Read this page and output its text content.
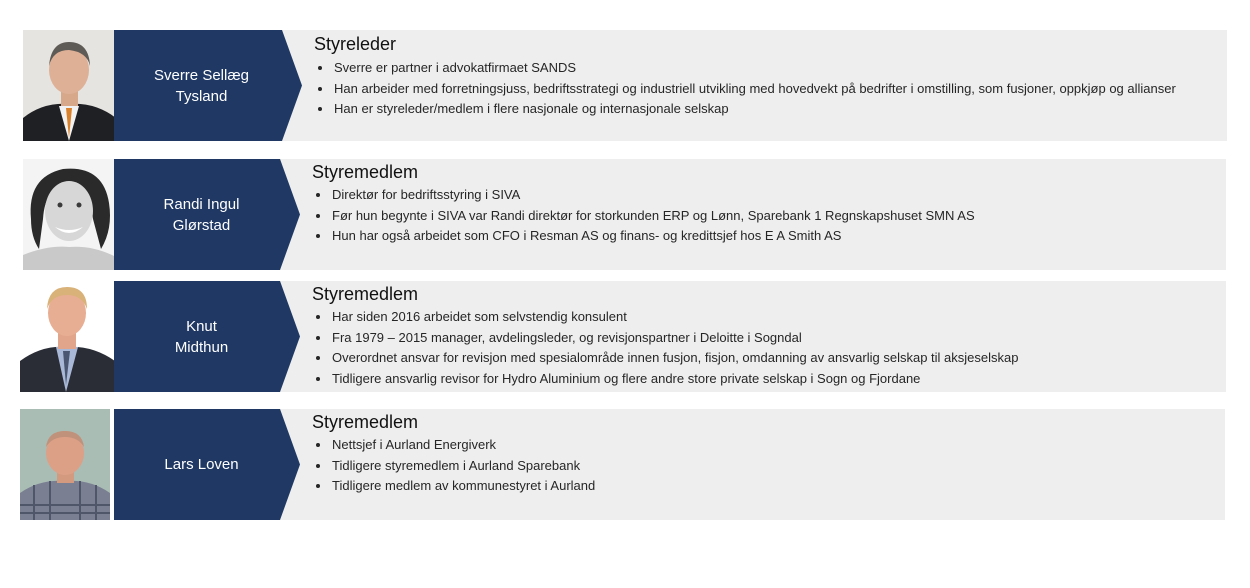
Sverre Sellæg
Tysland
Styreleder
Sverre er partner i advokatfirmaet SANDS
Han arbeider med forretningsjuss, bedriftsstrategi og industriell utvikling med hovedvekt på bedrifter i omstilling, som fusjoner, oppkjøp og allianser
Han er styreleder/medlem i flere nasjonale og internasjonale selskap
Randi Ingul
Glørstad
Styremedlem
Direktør for bedriftsstyring i SIVA
Før hun begynte i SIVA var Randi direktør for storkunden ERP og Lønn, Sparebank 1 Regnskapshuset SMN AS
Hun har også arbeidet som CFO i Resman AS og finans- og kredittsjef hos E A Smith AS
Knut
Midthun
Styremedlem
Har siden 2016 arbeidet som selvstendig konsulent
Fra 1979 – 2015 manager, avdelingsleder, og revisjonspartner i Deloitte i Sogndal
Overordnet ansvar for revisjon med spesialområde innen fusjon, fisjon, omdanning av ansvarlig selskap til aksjeselskap
Tidligere ansvarlig revisor for Hydro Aluminium og flere andre store private selskap i Sogn og Fjordane
Lars Loven
Styremedlem
Nettsjef i Aurland Energiverk
Tidligere styremedlem i Aurland Sparebank
Tidligere medlem av kommunestyret i Aurland
